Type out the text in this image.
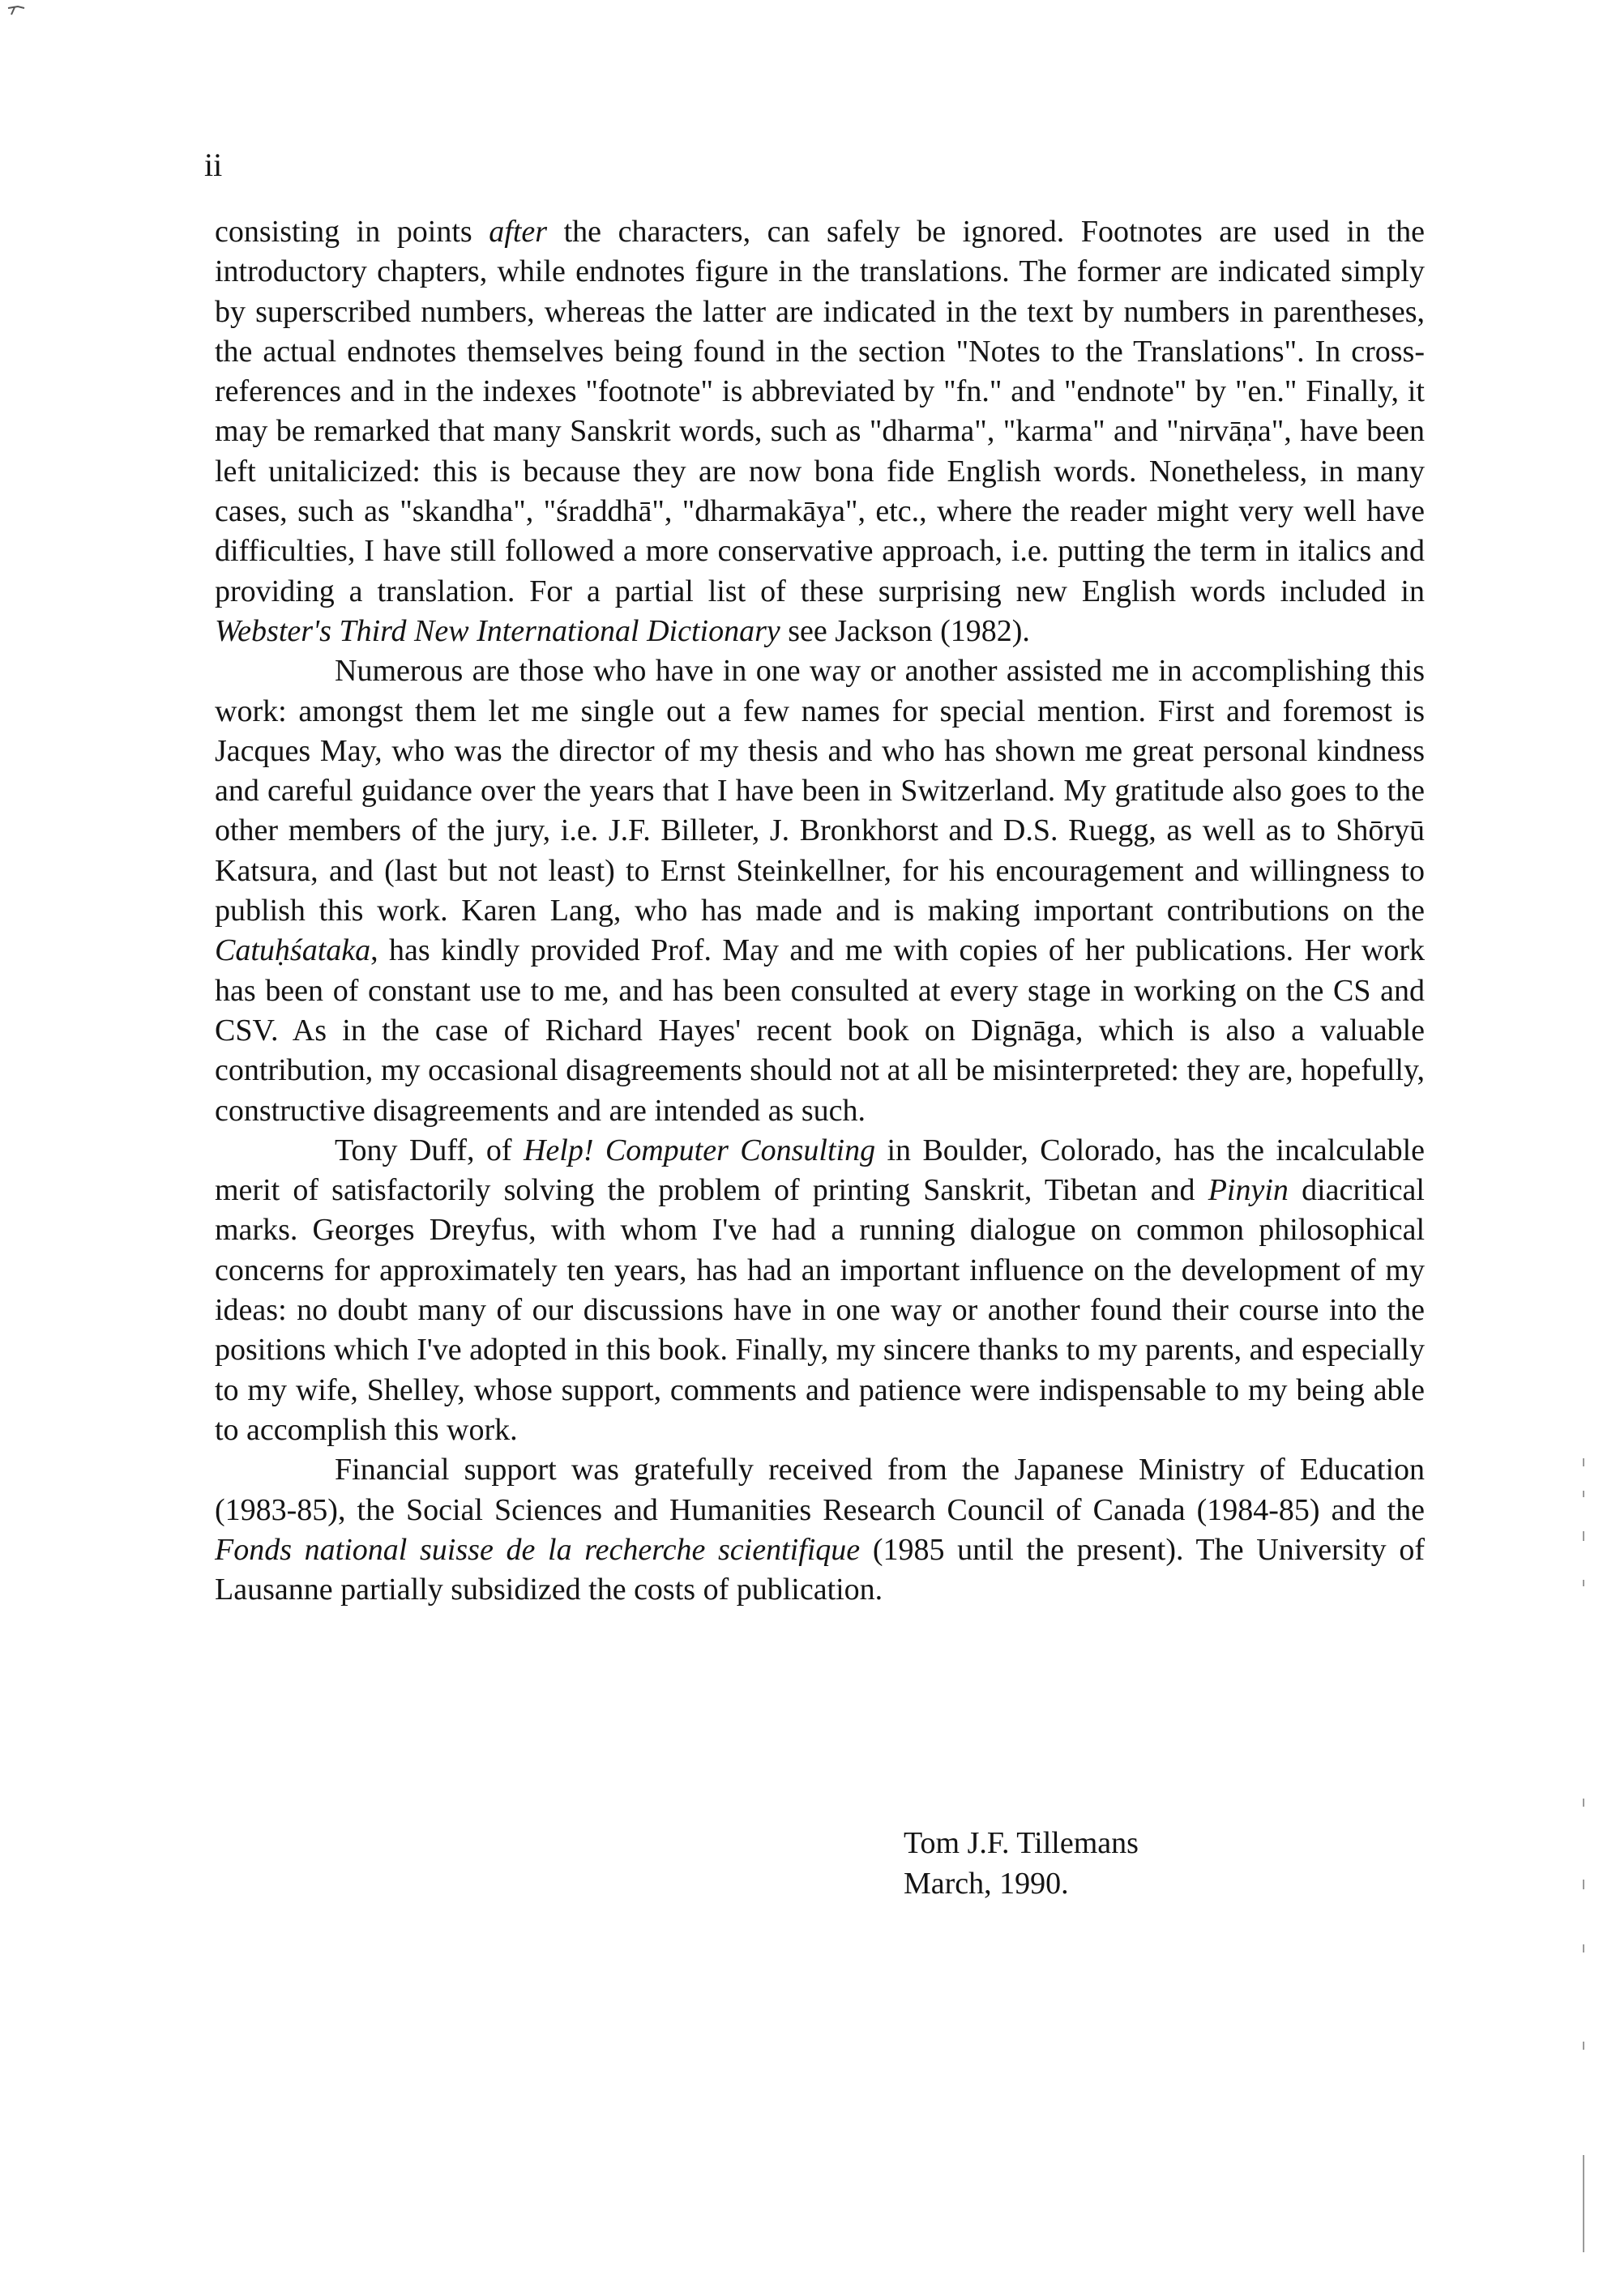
ii

consisting in points after the characters, can safely be ignored. Footnotes are used in the introductory chapters, while endnotes figure in the translations. The former are indicated simply by superscribed numbers, whereas the latter are indicated in the text by numbers in parentheses, the actual endnotes themselves being found in the section "Notes to the Translations". In cross-references and in the indexes "footnote" is abbreviated by "fn." and "endnote" by "en." Finally, it may be remarked that many Sanskrit words, such as "dharma", "karma" and "nirvāṇa", have been left unitalicized: this is because they are now bona fide English words. Nonetheless, in many cases, such as "skandha", "śraddhā", "dharmakāya", etc., where the reader might very well have difficulties, I have still followed a more conservative approach, i.e. putting the term in italics and providing a translation. For a partial list of these surprising new English words included in Webster's Third New International Dictionary see Jackson (1982).

Numerous are those who have in one way or another assisted me in accomplishing this work: amongst them let me single out a few names for special mention. First and foremost is Jacques May, who was the director of my thesis and who has shown me great personal kindness and careful guidance over the years that I have been in Switzerland. My gratitude also goes to the other members of the jury, i.e. J.F. Billeter, J. Bronkhorst and D.S. Ruegg, as well as to Shōryū Katsura, and (last but not least) to Ernst Steinkellner, for his encouragement and willingness to publish this work. Karen Lang, who has made and is making important contributions on the Catuḥśataka, has kindly provided Prof. May and me with copies of her publications. Her work has been of constant use to me, and has been consulted at every stage in working on the CS and CSV. As in the case of Richard Hayes' recent book on Dignāga, which is also a valuable contribution, my occasional disagreements should not at all be misinterpreted: they are, hopefully, constructive disagreements and are intended as such.

Tony Duff, of Help! Computer Consulting in Boulder, Colorado, has the incalculable merit of satisfactorily solving the problem of printing Sanskrit, Tibetan and Pinyin diacritical marks. Georges Dreyfus, with whom I've had a running dialogue on common philosophical concerns for approximately ten years, has had an important influence on the development of my ideas: no doubt many of our discussions have in one way or another found their course into the positions which I've adopted in this book. Finally, my sincere thanks to my parents, and especially to my wife, Shelley, whose support, comments and patience were indispensable to my being able to accomplish this work.

Financial support was gratefully received from the Japanese Ministry of Education (1983-85), the Social Sciences and Humanities Research Council of Canada (1984-85) and the Fonds national suisse de la recherche scientifique (1985 until the present). The University of Lausanne partially subsidized the costs of publication.

Tom J.F. Tillemans
March, 1990.
